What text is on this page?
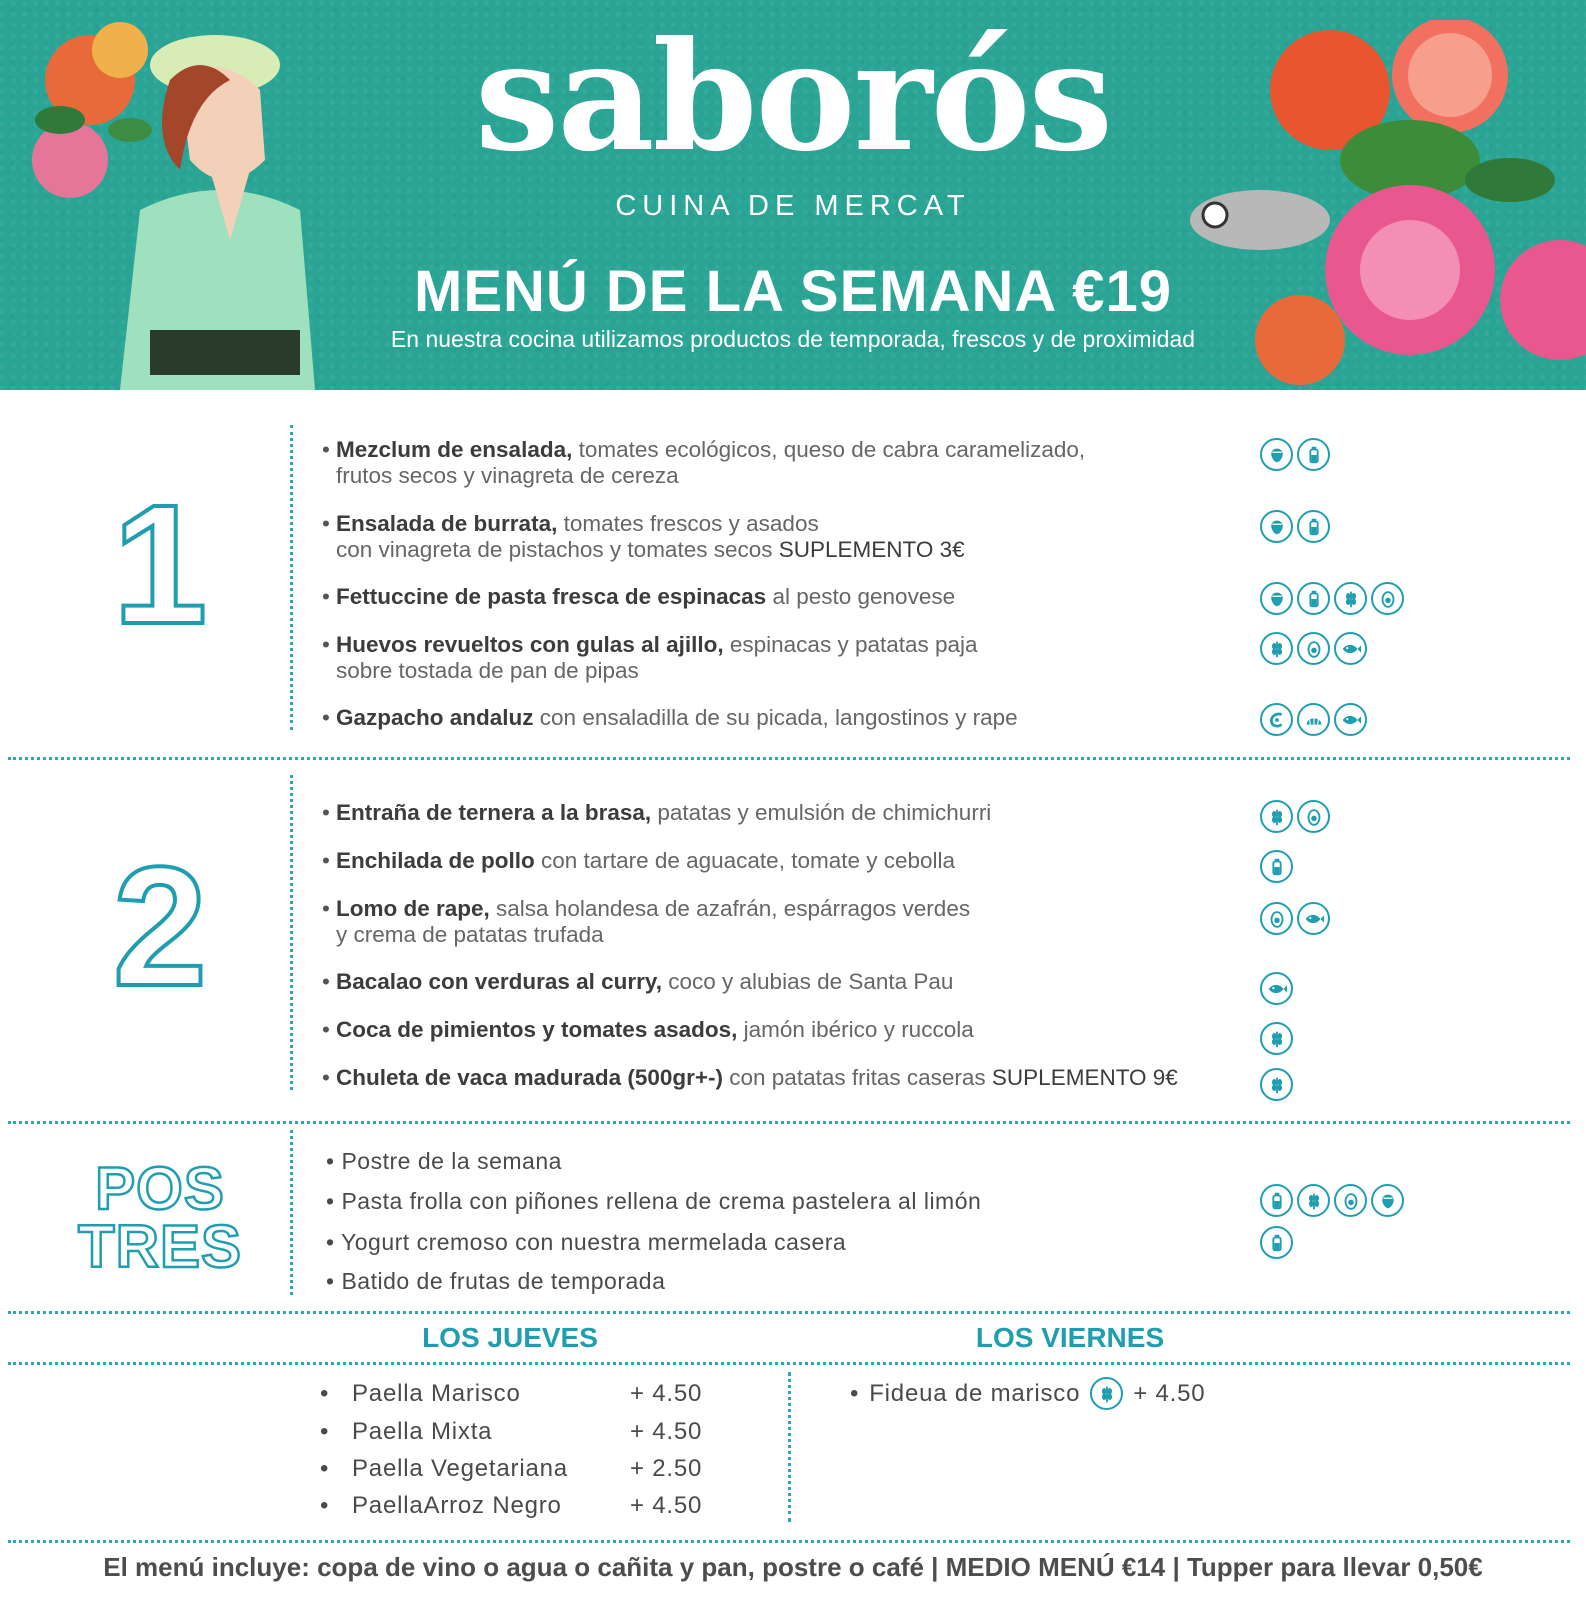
saborós
CUINA DE MERCAT
MENÚ DE LA SEMANA €19
En nuestra cocina utilizamos productos de temporada, frescos y de proximidad
1
• Mezclum de ensalada, tomates ecológicos, queso de cabra caramelizado,
frutos secos y vinagreta de cereza
• Ensalada de burrata, tomates frescos y asados
con vinagreta de pistachos y tomates secos SUPLEMENTO 3€
• Fettuccine de pasta fresca de espinacas al pesto genovese
• Huevos revueltos con gulas al ajillo, espinacas y patatas paja
sobre tostada de pan de pipas
• Gazpacho andaluz con ensaladilla de su picada, langostinos y rape
2
• Entraña de ternera a la brasa, patatas y emulsión de chimichurri
• Enchilada de pollo con tartare de aguacate, tomate y cebolla
• Lomo de rape, salsa holandesa de azafrán, espárragos verdes
y crema de patatas trufada
• Bacalao con verduras al curry, coco y alubias de Santa Pau
• Coca de pimientos y tomates asados, jamón ibérico y ruccola
• Chuleta de vaca madurada (500gr+-) con patatas fritas caseras SUPLEMENTO 9€
POS
TRES
• Postre de la semana
• Pasta frolla con piñones rellena de crema pastelera al limón
• Yogurt cremoso con nuestra mermelada casera
• Batido de frutas de temporada
LOS JUEVES	LOS VIERNES
• Paella Marisco	+ 4.50
• Paella Mixta	+ 4.50
• Paella Vegetariana	+ 2.50
• PaellaArroz Negro	+ 4.50
• Fideua de marisco + 4.50
El menú incluye: copa de vino o agua o cañita y pan, postre o café | MEDIO MENÚ €14 | Tupper para llevar 0,50€
